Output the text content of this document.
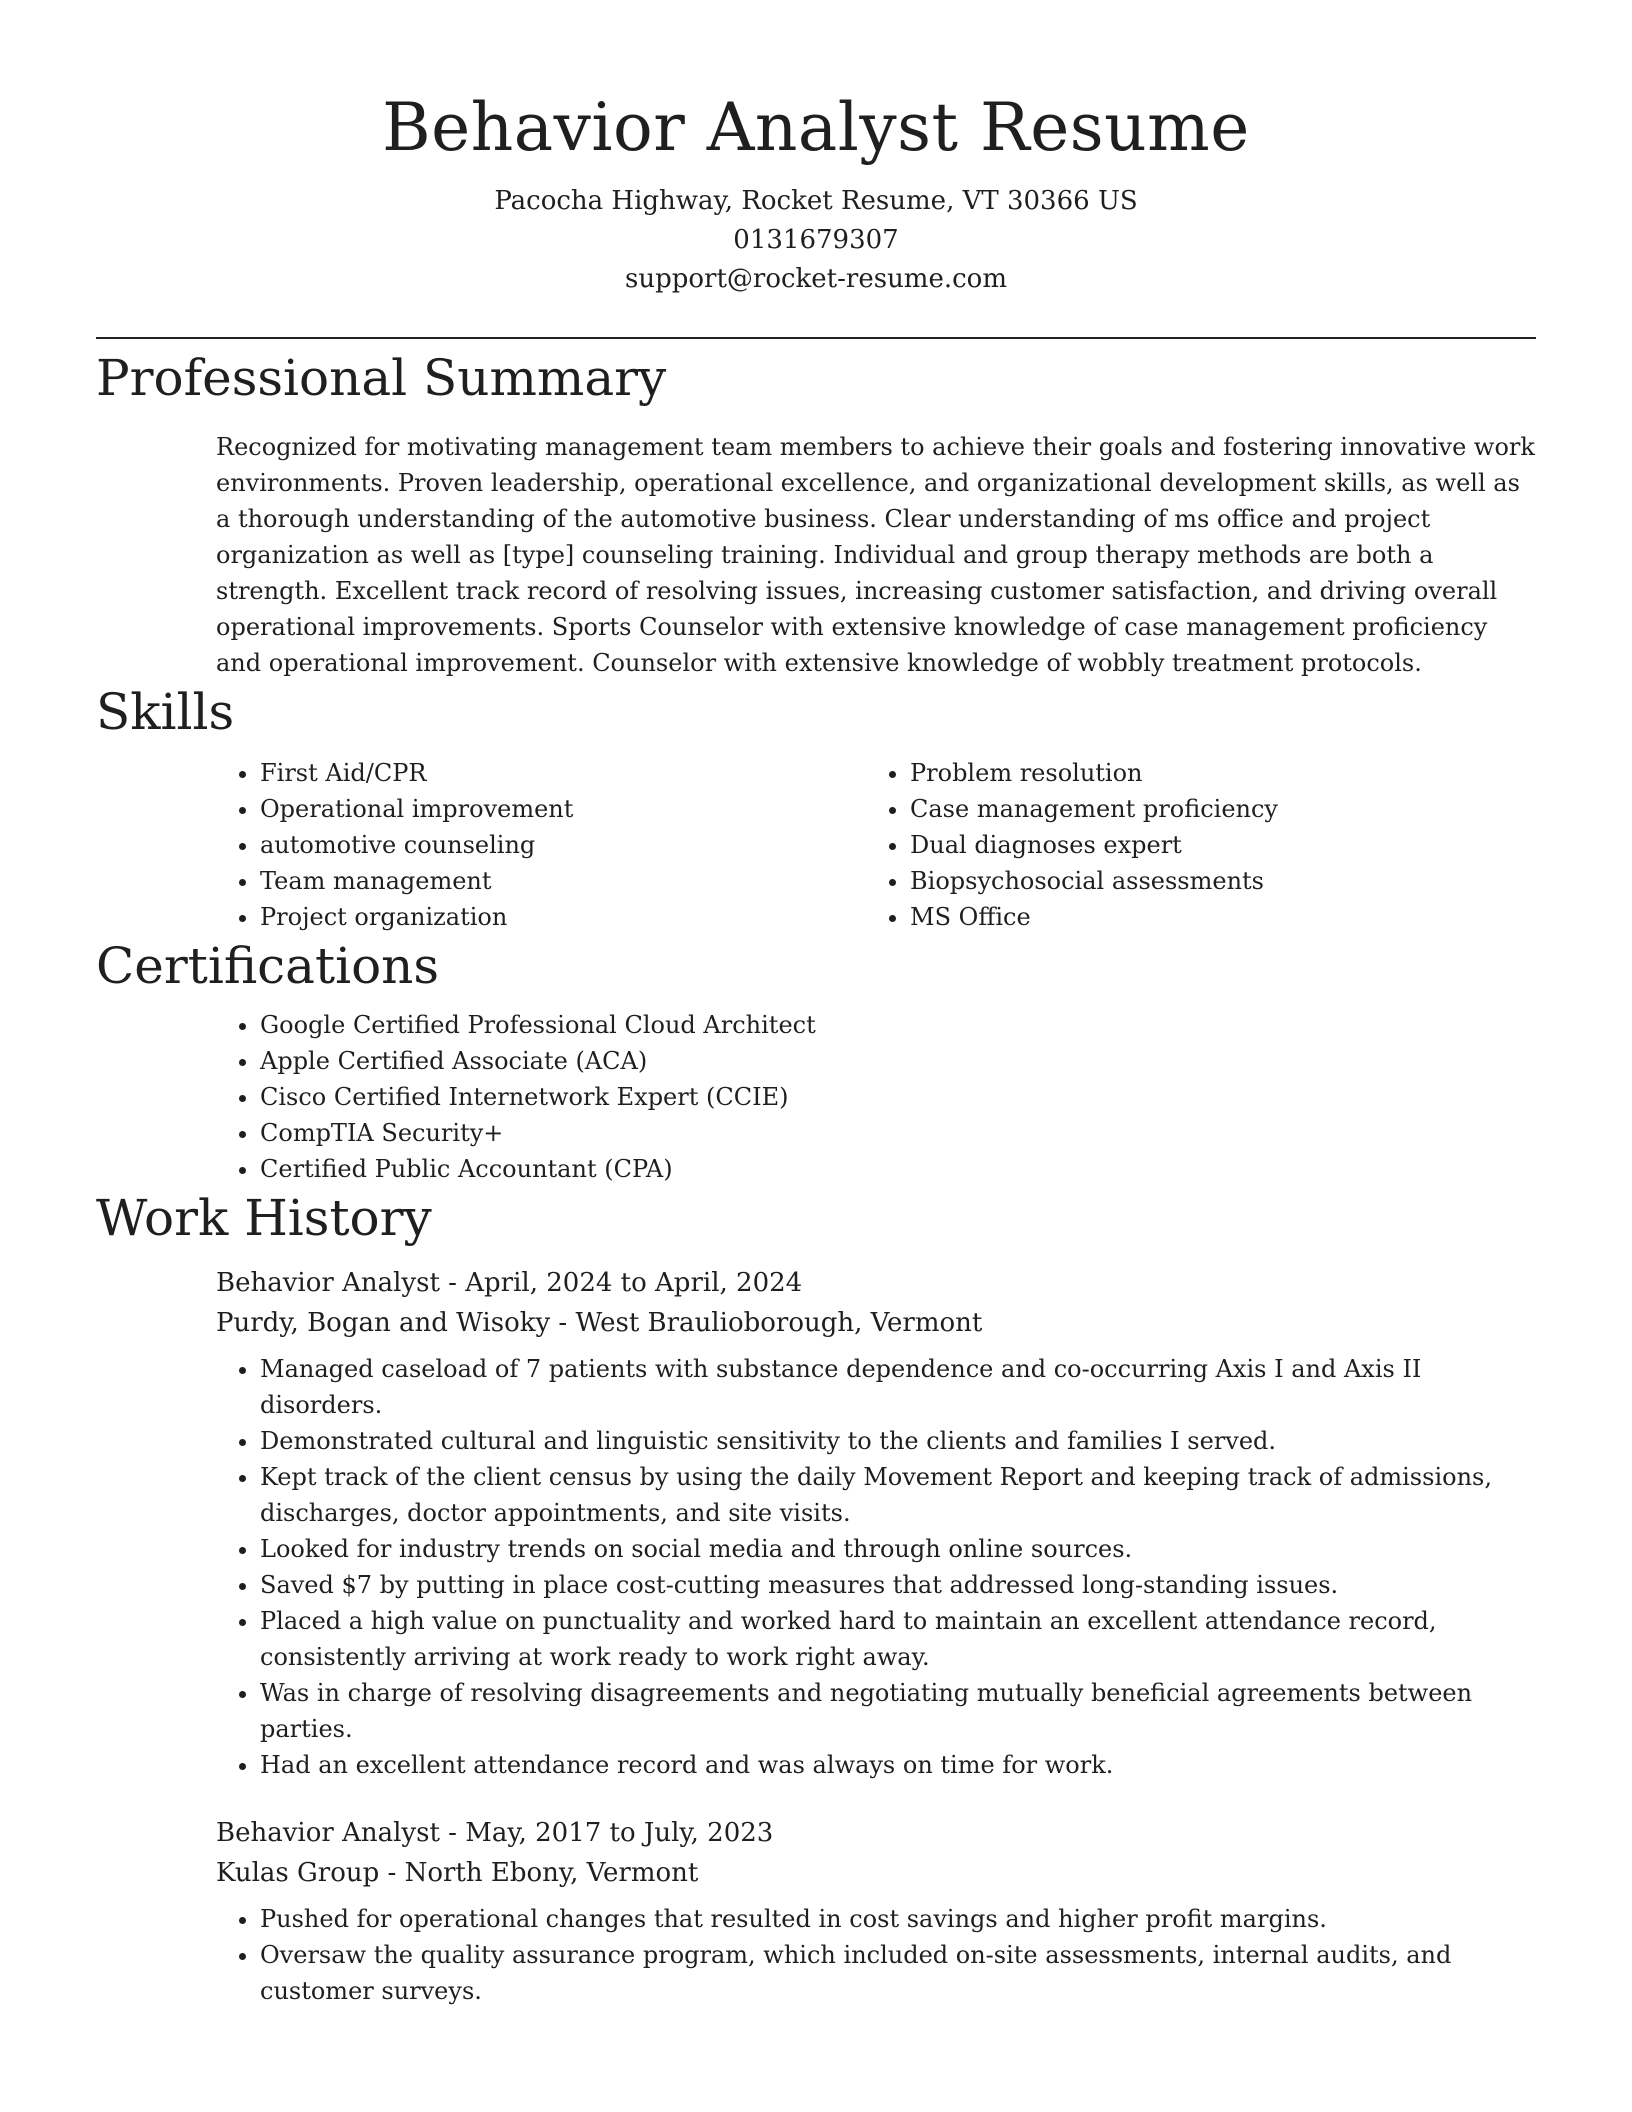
Behavior Analyst Resume
Pacocha Highway, Rocket Resume, VT 30366 US
0131679307
support@rocket-resume.com
Professional Summary

Recognized for motivating management team members to achieve their goals and fostering innovative work environments. Proven leadership, operational excellence, and organizational development skills, as well as a thorough understanding of the automotive business. Clear understanding of ms office and project organization as well as [type] counseling training. Individual and group therapy methods are both a strength. Excellent track record of resolving issues, increasing customer satisfaction, and driving overall operational improvements. Sports Counselor with extensive knowledge of case management proficiency and operational improvement. Counselor with extensive knowledge of wobbly treatment protocols.

Skills
• First Aid/CPR
• Operational improvement
• automotive counseling
• Team management
• Project organization
• Problem resolution
• Case management proficiency
• Dual diagnoses expert
• Biopsychosocial assessments
• MS Office
Certifications
• Google Certified Professional Cloud Architect
• Apple Certified Associate (ACA)
• Cisco Certified Internetwork Expert (CCIE)
• CompTIA Security+
• Certified Public Accountant (CPA)
Work History
Behavior Analyst - April, 2024 to April, 2024
Purdy, Bogan and Wisoky - West Braulioborough, Vermont
• Managed caseload of 7 patients with substance dependence and co-occurring Axis I and Axis II disorders.
• Demonstrated cultural and linguistic sensitivity to the clients and families I served.
• Kept track of the client census by using the daily Movement Report and keeping track of admissions, discharges, doctor appointments, and site visits.
• Looked for industry trends on social media and through online sources.
• Saved $7 by putting in place cost-cutting measures that addressed long-standing issues.
• Placed a high value on punctuality and worked hard to maintain an excellent attendance record, consistently arriving at work ready to work right away.
• Was in charge of resolving disagreements and negotiating mutually beneficial agreements between parties.
• Had an excellent attendance record and was always on time for work.
Behavior Analyst - May, 2017 to July, 2023
Kulas Group - North Ebony, Vermont
• Pushed for operational changes that resulted in cost savings and higher profit margins.
• Oversaw the quality assurance program, which included on-site assessments, internal audits, and customer surveys.
